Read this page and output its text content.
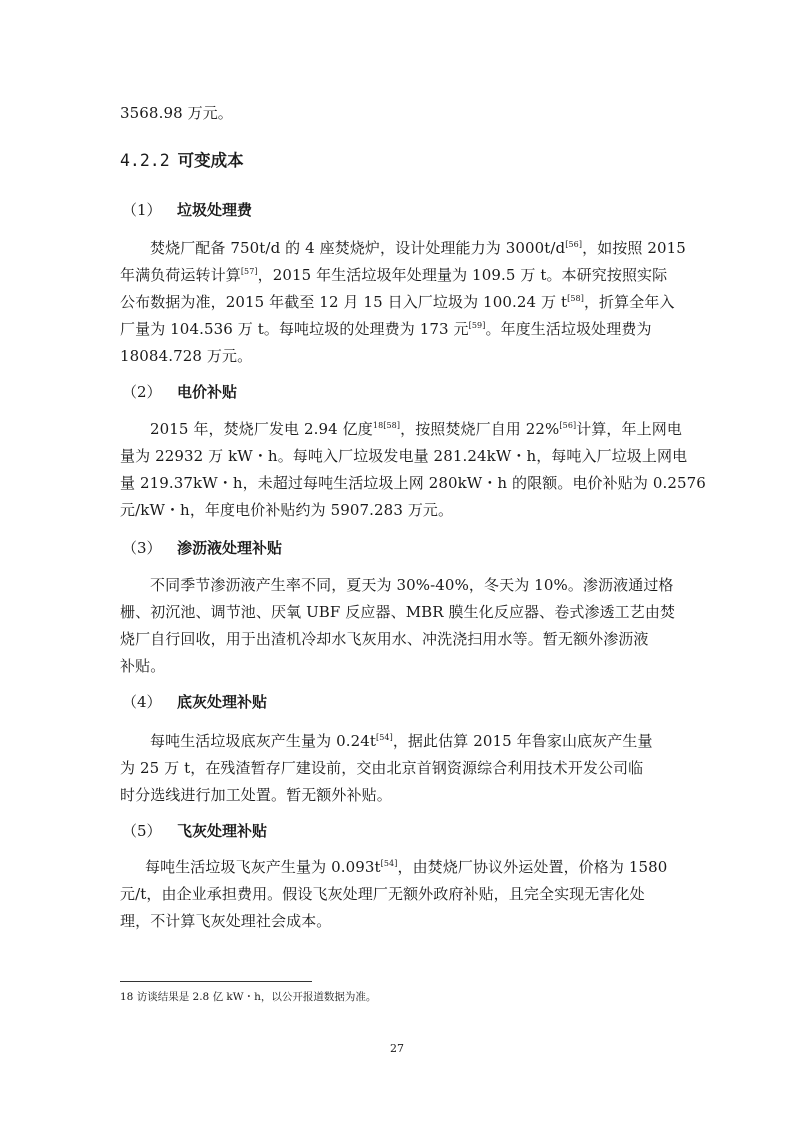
3568.98 万元。
4.2.2 可变成本
（1） 垃圾处理费
焚烧厂配备 750t/d 的 4 座焚烧炉，设计处理能力为 3000t/d[56]，如按照 2015
年满负荷运转计算[57]，2015 年生活垃圾年处理量为 109.5 万 t。本研究按照实际
公布数据为准，2015 年截至 12 月 15 日入厂垃圾为 100.24 万 t[58]，折算全年入
厂量为 104.536 万 t。每吨垃圾的处理费为 173 元[59]。年度生活垃圾处理费为
18084.728 万元。
（2） 电价补贴
2015 年，焚烧厂发电 2.94 亿度$^{18[58]}$，按照焚烧厂自用 22%[56]计算，年上网电
量为 22932 万 kW・h。每吨入厂垃圾发电量 281.24kW・h，每吨入厂垃圾上网电
量 219.37kW・h，未超过每吨生活垃圾上网 280kW・h 的限额。电价补贴为 0.2576
元/kW・h，年度电价补贴约为 5907.283 万元。
（3） 渗沥液处理补贴
不同季节渗沥液产生率不同，夏天为 30%-40%，冬天为 10%。渗沥液通过格
栅、初沉池、调节池、厌氧 UBF 反应器、MBR 膜生化反应器、卷式渗透工艺由焚
烧厂自行回收，用于出渣机冷却水飞灰用水、冲洗浇扫用水等。暂无额外渗沥液
补贴。
（4） 底灰处理补贴
每吨生活垃圾底灰产生量为 0.24t[54]，据此估算 2015 年鲁家山底灰产生量
为 25 万 t，在残渣暂存厂建设前，交由北京首钢资源综合利用技术开发公司临
时分选线进行加工处置。暂无额外补贴。
（5） 飞灰处理补贴
每吨生活垃圾飞灰产生量为 0.093t[54]，由焚烧厂协议外运处置，价格为 1580
元/t，由企业承担费用。假设飞灰处理厂无额外政府补贴，且完全实现无害化处
理，不计算飞灰处理社会成本。
18 访谈结果是 2.8 亿 kW・h，以公开报道数据为准。
27
